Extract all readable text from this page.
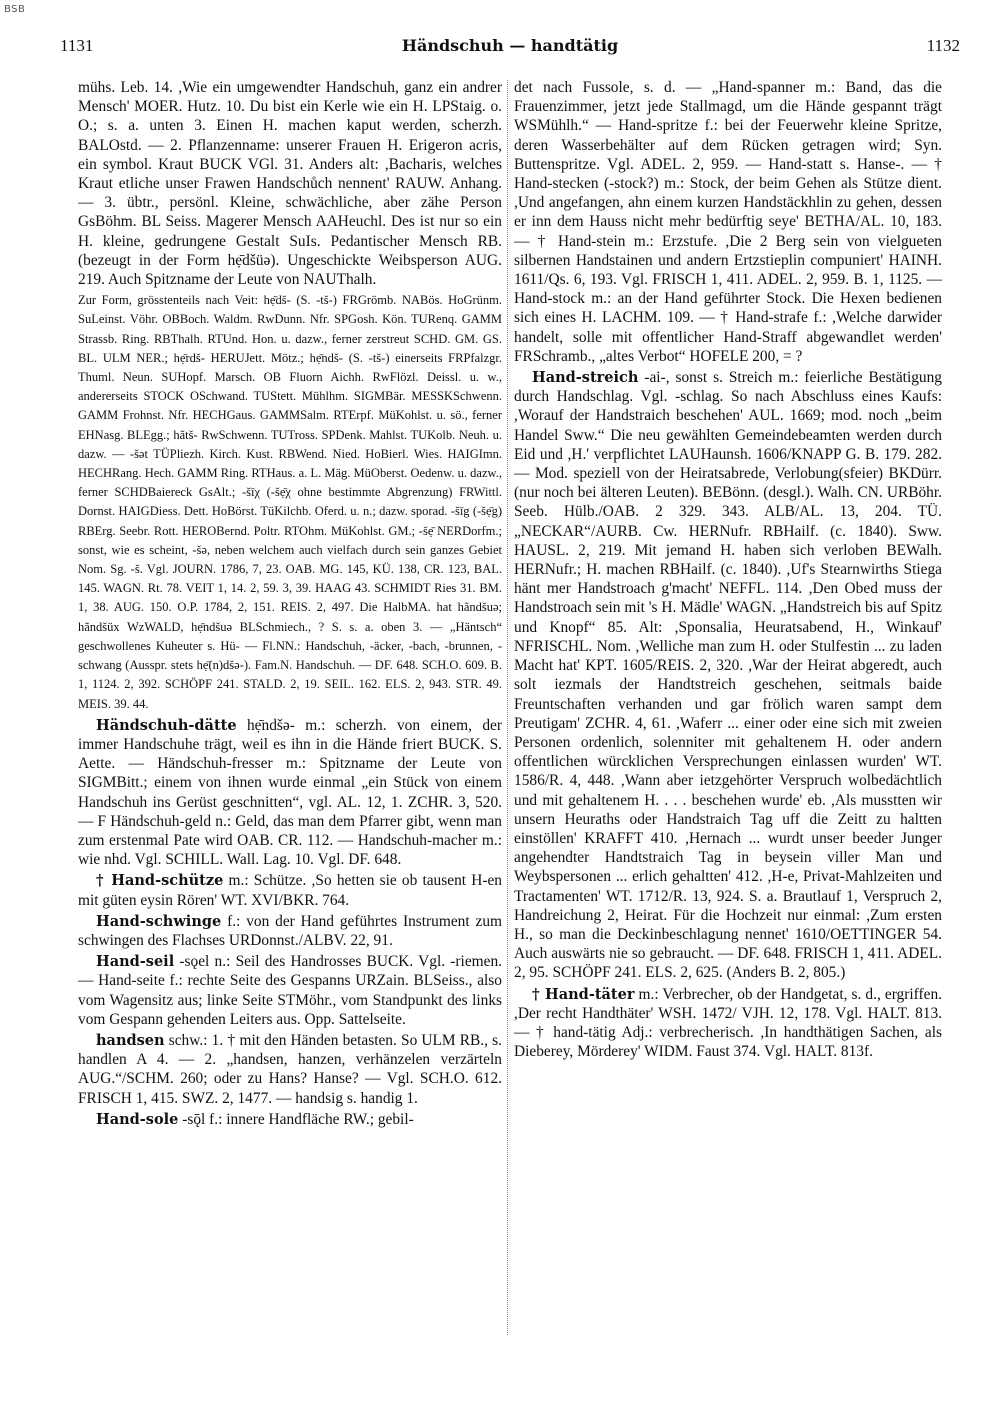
BSB
1131	Händschuh — handtätig	1132

mühs. Leb. 14. ,Wie ein umgewendter Handschuh, ganz ein andrer Mensch' MOER. Hutz. 10. Du bist ein Kerle wie ein H. LPStaig. o. O.; s. a. unten 3. Einen H. machen kaput werden, scherzh. BALOstd. — 2. Pflanzenname: unserer Frauen H. Erigeron acris, ein symbol. Kraut BUCK VGl. 31. Anders alt: ,Bacharis, welches Kraut etliche unser Frawen Handschůch nennent' RAUW. Anhang. — 3. übtr., persönl. Kleine, schwächliche, aber zähe Person GsBöhm. BL Seiss. Magerer Mensch AAHeuchl. Des ist nur so ein H. kleine, gedrungene Gestalt SuIs. Pedantischer Mensch RB. (bezeugt in der Form hẹ̄dšüə). Ungeschickte Weibsperson AUG. 219. Auch Spitzname der Leute von NAUThalh.

Zur Form, grösstenteils nach Veit: hẹ̄dš- (S. -tš-) FRGrömb. NABös. HoGrünm. SuLeinst. Vöhr. OBBoch. Waldm. RwDunn. Nfr. SPGosh. Kön. TURenq. GAMM Strassb. Ring. RBThalh. RTUnd. Hon. u. dazw., ferner zerstreut SCHD. GM. GS. BL. ULM NER.; hẹ̄rdš- HERUJett. Mötz.; hẹ̄ndš- (S. -tš-) einerseits FRPfalzgr. Thuml. Neun. SUHopf. Marsch. OB Fluorn Aichh. RwFlözl. Deissl. u. w., andererseits STOCK OSchwand. TUStett. Mühlhm. SIGMBär. MESSKSchwenn. GAMM Frohnst. Nfr. HECHGaus. GAMMSalm. RTErpf. MüKohlst. u. sö., ferner EHNasg. BLEgg.; hãtš- RwSchwenn. TUTross. SPDenk. Mahlst. TUKolb. Neuh. u. dazw. — -šət TÜPliezh. Kirch. Kust. RBWend. Nied. HoBierl. Wies. HAIGImn. HECHRang. Hech. GAMM Ring. RTHaus. a. L. Mäg. MüOberst. Oedenw. u. dazw., ferner SCHDBaiereck GsAlt.; -šīχ (-šẹ̄χ ohne bestimmte Abgrenzung) FRWittl. Dornst. HAIGDiess. Dett. HoBörst. TüKilchb. Oferd. u. n.; dazw. sporad. -šīg (-šẹ̄g) RBErg. Seebr. Rott. HEROBernd. Poltr. RTOhm. MüKohlst. GM.; -šẹ̄ NERDorfm.; sonst, wie es scheint, -šə, neben welchem auch vielfach durch sein ganzes Gebiet Nom. Sg. -š. Vgl. JOURN. 1786, 7, 23. OAB. MG. 145, KÜ. 138, CR. 123, BAL. 145. WAGN. Rt. 78. VEIT 1, 14. 2, 59. 3, 39. HAAG 43. SCHMIDT Ries 31. BM. 1, 38. AUG. 150. O.P. 1784, 2, 151. REIS. 2, 497. Die HalbMA. hat hãndšuə; hãndšüx WzWALD, hẹ̄ndšuə BLSchmiech., ? S. s. a. oben 3. — „Häntsch“ geschwollenes Kuheuter s. Hü- — Fl.NN.: Handschuh, -äcker, -bach, -brunnen, -schwang (Ausspr. stets hẹ̄(n)dšə-). Fam.N. Handschuh. — DF. 648. SCH.O. 609. B. 1, 1124. 2, 392. SCHÖPF 241. STALD. 2, 19. SEIL. 162. ELS. 2, 943. STR. 49. MEIS. 39. 44.

Händschuh-dätte hẹ̄ndšə- m.: scherzh. von einem, der immer Handschuhe trägt, weil es ihn in die Hände friert BUCK. S. Aette. — Händschuh-fresser m.: Spitzname der Leute von SIGMBitt.; einem von ihnen wurde einmal „ein Stück von einem Handschuh ins Gerüst geschnitten“, vgl. AL. 12, 1. ZCHR. 3, 520. — F Händschuh-geld n.: Geld, das man dem Pfarrer gibt, wenn man zum erstenmal Pate wird OAB. CR. 112. — Handschuh-macher m.: wie nhd. Vgl. SCHILL. Wall. Lag. 10. Vgl. DF. 648.

† Hand-schütze m.: Schütze. ,So hetten sie ob tausent H-en mit güten eysin Rören' WT. XVI/BKR. 764.

Hand-schwinge f.: von der Hand geführtes Instrument zum schwingen des Flachses URDonnst./ALBV. 22, 91.

Hand-seil -sǫel n.: Seil des Handrosses BUCK. Vgl. -riemen. — Hand-seite f.: rechte Seite des Gespanns URZain. BLSeiss., also vom Wagensitz aus; linke Seite STMöhr., vom Standpunkt des links vom Gespann gehenden Leiters aus. Opp. Sattelseite.

handsen schw.: 1. † mit den Händen betasten. So ULM RB., s. handlen A 4. — 2. „handsen, hanzen, verhänzelen verzärteln AUG.“/SCHM. 260; oder zu Hans? Hanse? — Vgl. SCH.O. 612. FRISCH 1, 415. SWZ. 2, 1477. — handsig s. handig 1.

Hand-sole -sǭl f.: innere Handfläche RW.; gebil-

det nach Fussole, s. d. — „Hand-spanner m.: Band, das die Frauenzimmer, jetzt jede Stallmagd, um die Hände gespannt trägt WSMühlh.“ — Hand-spritze f.: bei der Feuerwehr kleine Spritze, deren Wasserbehälter auf dem Rücken getragen wird; Syn. Buttenspritze. Vgl. ADEL. 2, 959. — Hand-statt s. Hanse-. — † Hand-stecken (-stock?) m.: Stock, der beim Gehen als Stütze dient. ,Und angefangen, ahn einem kurzen Handstäckhlin zu gehen, dessen er inn dem Hauss nicht mehr bedürftig seye' BETHA/AL. 10, 183. — † Hand-stein m.: Erzstufe. ,Die 2 Berg sein von vielgueten silbernen Handstainen und andern Ertzstieplin compuniert' HAINH. 1611/Qs. 6, 193. Vgl. FRISCH 1, 411. ADEL. 2, 959. B. 1, 1125. — Hand-stock m.: an der Hand geführter Stock. Die Hexen bedienen sich eines H. LACHM. 109. — † Hand-strafe f.: ,Welche darwider handelt, solle mit offentlicher Hand-Straff abgewandlet werden' FRSchramb., „altes Verbot“ HOFELE 200, = ?

Hand-streich -ai-, sonst s. Streich m.: feierliche Bestätigung durch Handschlag. Vgl. -schlag. So nach Abschluss eines Kaufs: ,Worauf der Handstraich beschehen' AUL. 1669; mod. noch „beim Handel Sww.“ Die neu gewählten Gemeindebeamten werden durch Eid und ,H.' verpflichtet LAUHaunsh. 1606/KNAPP G. B. 179. 282. — Mod. speziell von der Heiratsabrede, Verlobung(sfeier) BKDürr. (nur noch bei älteren Leuten). BEBönn. (desgl.). Walh. CN. URBöhr. Seeb. Hülb./OAB. 2 329. 343. ALB/AL. 13, 204. TÜ. „NECKAR“/AURB. Cw. HERNufr. RBHailf. (c. 1840). Sww. HAUSL. 2, 219. Mit jemand H. haben sich verloben BEWalh. HERNufr.; H. machen RBHailf. (c. 1840). ,Uf's Stearnwirths Stiega hänt mer Handstroach g'macht' NEFFL. 114. ,Den Obed muss der Handstroach sein mit 's H. Mädle' WAGN. „Handstreich bis auf Spitz und Knopf“ 85. Alt: ,Sponsalia, Heuratsabend, H., Winkauf' NFRISCHL. Nom. ,Welliche man zum H. oder Stulfestin ... zu laden Macht hat' KPT. 1605/REIS. 2, 320. ,War der Heirat abgeredt, auch solt iezmals der Handtstreich geschehen, seitmals baide Freuntschaften verhanden und gar frölich waren sampt dem Preutigam' ZCHR. 4, 61. ,Waferr ... einer oder eine sich mit zweien Personen ordenlich, solenniter mit gehaltenem H. oder andern offentlichen würcklichen Versprechungen einlassen wurden' WT. 1586/R. 4, 448. ,Wann aber ietzgehörter Verspruch wolbedächtlich und mit gehaltenem H. . . . beschehen wurde' eb. ,Als musstten wir unsern Heuraths oder Handstraich Tag uff die Zeitt zu haltten einstöllen' KRAFFT 410. ,Hernach ... wurdt unser beeder Junger angehendter Handtstraich Tag in beysein viller Man und Weybspersonen ... erlich gehaltten' 412. ,H-e, Privat-Mahlzeiten und Tractamenten' WT. 1712/R. 13, 924. S. a. Brautlauf 1, Verspruch 2, Handreichung 2, Heirat. Für die Hochzeit nur einmal: ,Zum ersten H., so man die Deckinbeschlagung nennet' 1610/OETTINGER 54. Auch auswärts nie so gebraucht. — DF. 648. FRISCH 1, 411. ADEL. 2, 95. SCHÖPF 241. ELS. 2, 625. (Anders B. 2, 805.)

† Hand-täter m.: Verbrecher, ob der Handgetat, s. d., ergriffen. ,Der recht Handthäter' WSH. 1472/ VJH. 12, 178. Vgl. HALT. 813. — † hand-tätig Adj.: verbrecherisch. ,In handthätigen Sachen, als Dieberey, Mörderey' WIDM. Faust 374. Vgl. HALT. 813f.
